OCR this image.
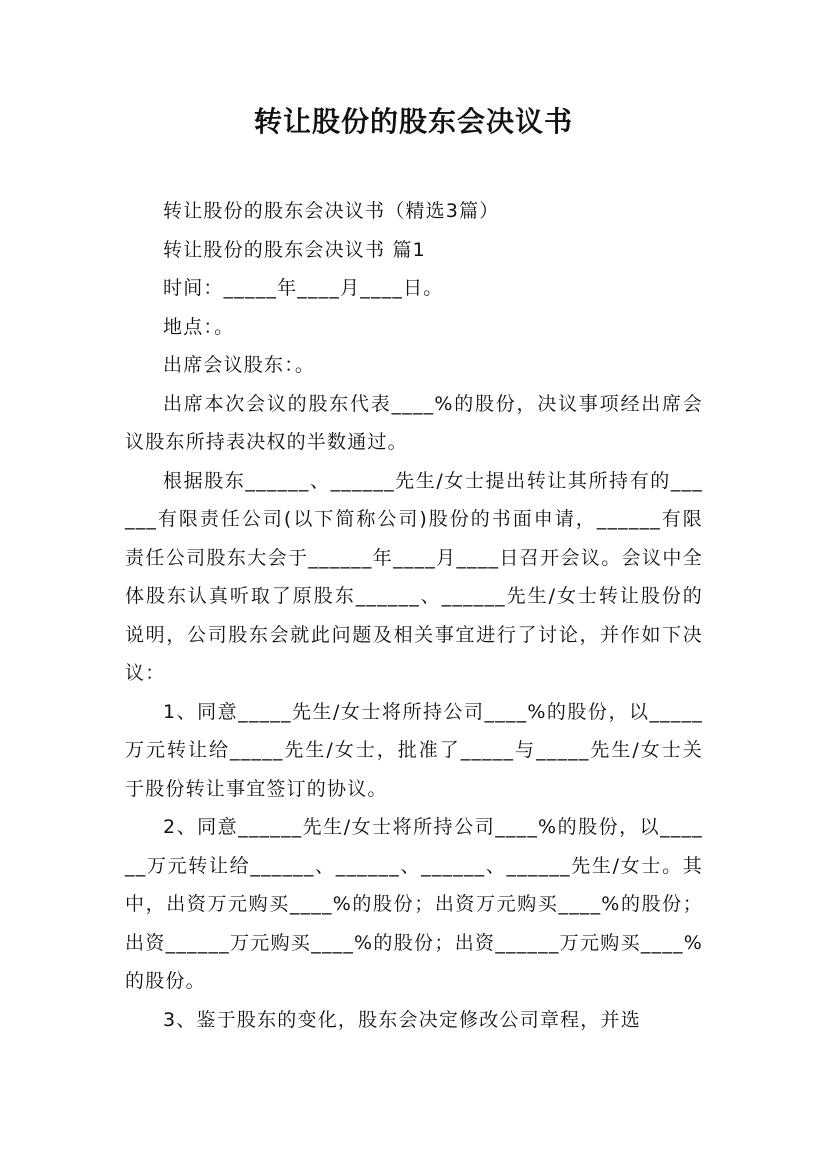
转让股份的股东会决议书

转让股份的股东会决议书（精选3篇）

转让股份的股东会决议书 篇1

时间：_____年____月____日。

地点：。

出席会议股东：。

出席本次会议的股东代表____%的股份，决议事项经出席会议股东所持表决权的半数通过。

根据股东______、______先生/女士提出转让其所持有的______有限责任公司(以下简称公司)股份的书面申请，______有限责任公司股东大会于______年____月____日召开会议。会议中全体股东认真听取了原股东______、______先生/女士转让股份的说明，公司股东会就此问题及相关事宜进行了讨论，并作如下决议：

1、同意_____先生/女士将所持公司____%的股份，以_____万元转让给_____先生/女士，批准了_____与_____先生/女士关于股份转让事宜签订的协议。

2、同意______先生/女士将所持公司____%的股份，以______万元转让给______、______、______、______先生/女士。其中，出资万元购买____%的股份；出资万元购买____%的股份；出资______万元购买____%的股份；出资______万元购买____%的股份。

3、鉴于股东的变化，股东会决定修改公司章程，并选
